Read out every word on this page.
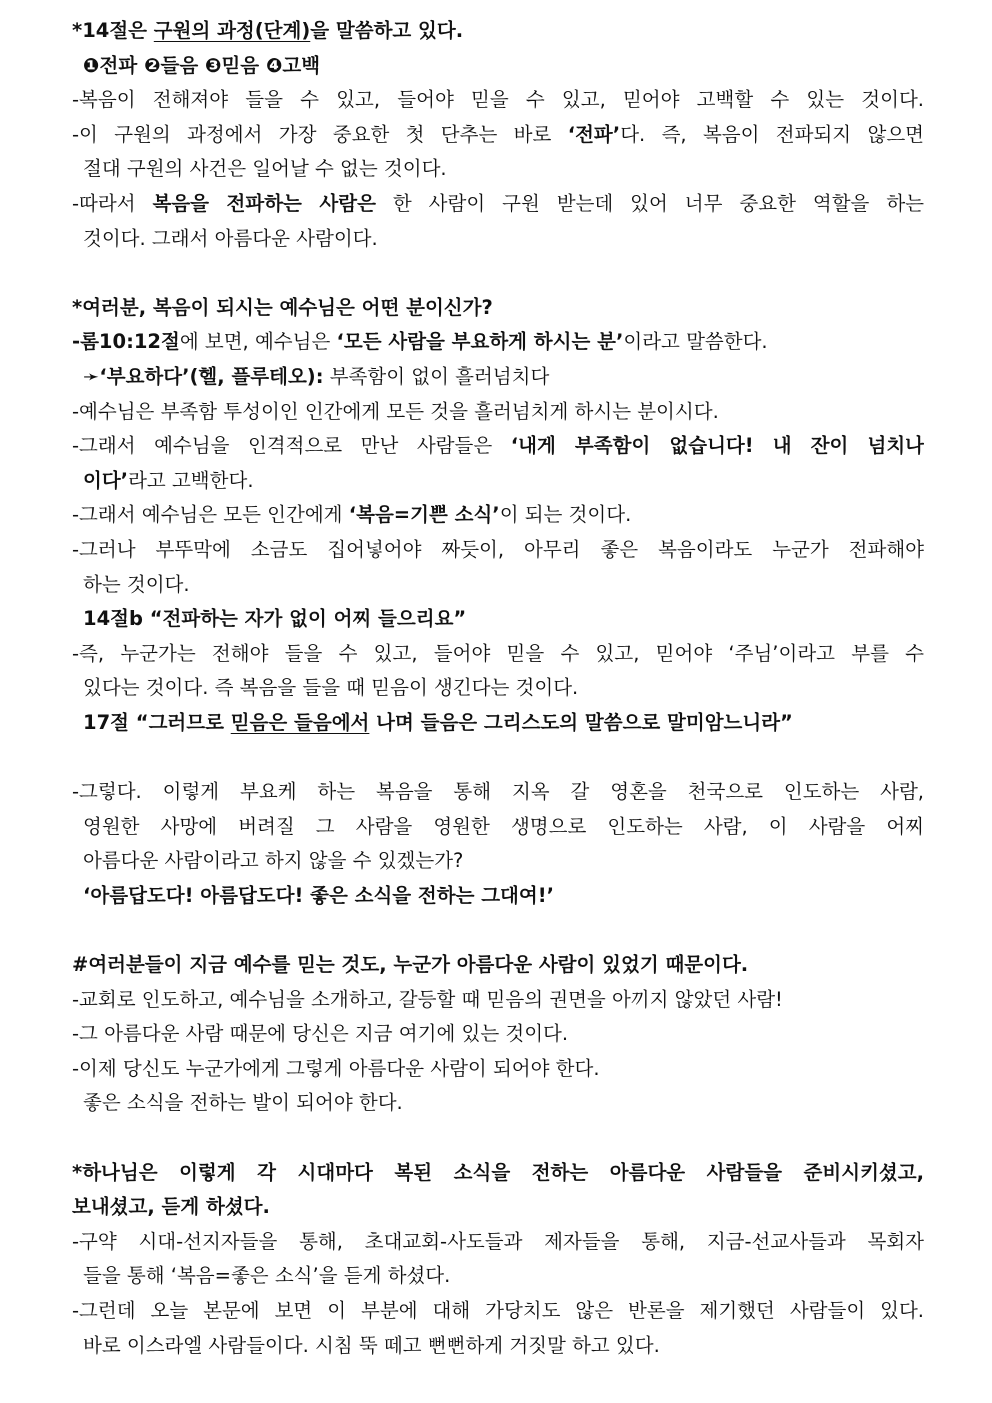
*14절은 구원의 과정(단계)을 말씀하고 있다.
❶전파 ❷들음 ❸믿음 ❹고백
-복음이 전해져야 들을 수 있고, 들어야 믿을 수 있고, 믿어야 고백할 수 있는 것이다.
-이 구원의 과정에서 가장 중요한 첫 단추는 바로 ‘전파’다. 즉, 복음이 전파되지 않으면
절대 구원의 사건은 일어날 수 없는 것이다.
-따라서 복음을 전파하는 사람은 한 사람이 구원 받는데 있어 너무 중요한 역할을 하는
것이다. 그래서 아름다운 사람이다.
*여러분, 복음이 되시는 예수님은 어떤 분이신가?
-롬10:12절에 보면, 예수님은 ‘모든 사람을 부요하게 하시는 분’이라고 말씀한다.
➛‘부요하다’(헬, 플루테오): 부족함이 없이 흘러넘치다
-예수님은 부족함 투성이인 인간에게 모든 것을 흘러넘치게 하시는 분이시다.
-그래서 예수님을 인격적으로 만난 사람들은 ‘내게 부족함이 없습니다! 내 잔이 넘치나
이다’라고 고백한다.
-그래서 예수님은 모든 인간에게 ‘복음=기쁜 소식’이 되는 것이다.
-그러나 부뚜막에 소금도 집어넣어야 짜듯이, 아무리 좋은 복음이라도 누군가 전파해야
하는 것이다.
14절b “전파하는 자가 없이 어찌 들으리요”
-즉, 누군가는 전해야 들을 수 있고, 들어야 믿을 수 있고, 믿어야 ‘주님’이라고 부를 수
있다는 것이다. 즉 복음을 들을 때 믿음이 생긴다는 것이다.
17절 “그러므로 믿음은 들음에서 나며 들음은 그리스도의 말씀으로 말미암느니라”
-그렇다. 이렇게 부요케 하는 복음을 통해 지옥 갈 영혼을 천국으로 인도하는 사람,
영원한 사망에 버려질 그 사람을 영원한 생명으로 인도하는 사람, 이 사람을 어찌
아름다운 사람이라고 하지 않을 수 있겠는가?
‘아름답도다! 아름답도다! 좋은 소식을 전하는 그대여!’
#여러분들이 지금 예수를 믿는 것도, 누군가 아름다운 사람이 있었기 때문이다.
-교회로 인도하고, 예수님을 소개하고, 갈등할 때 믿음의 권면을 아끼지 않았던 사람!
-그 아름다운 사람 때문에 당신은 지금 여기에 있는 것이다.
-이제 당신도 누군가에게 그렇게 아름다운 사람이 되어야 한다.
좋은 소식을 전하는 발이 되어야 한다.
*하나님은 이렇게 각 시대마다 복된 소식을 전하는 아름다운 사람들을 준비시키셨고,
보내셨고, 듣게 하셨다.
-구약 시대-선지자들을 통해, 초대교회-사도들과 제자들을 통해, 지금-선교사들과 목회자
들을 통해 ‘복음=좋은 소식’을 듣게 하셨다.
-그런데 오늘 본문에 보면 이 부분에 대해 가당치도 않은 반론을 제기했던 사람들이 있다.
바로 이스라엘 사람들이다. 시침 뚝 떼고 뻔뻔하게 거짓말 하고 있다.
